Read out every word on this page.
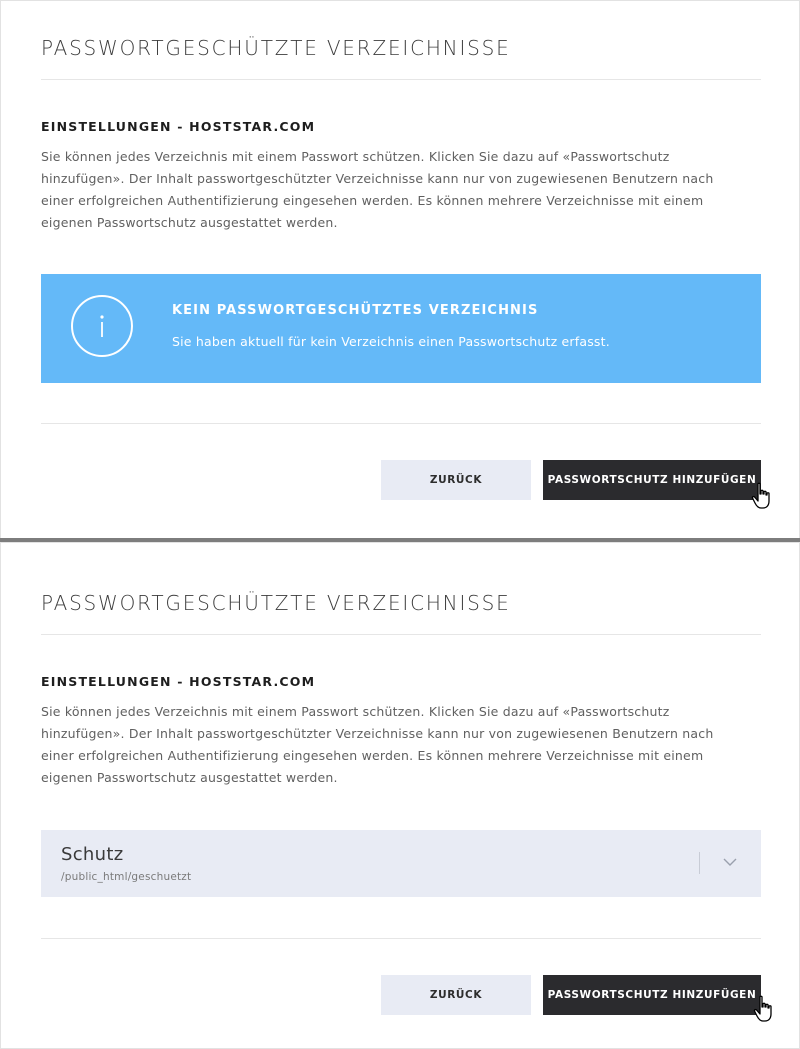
PASSWORTGESCHÜTZTE VERZEICHNISSE
EINSTELLUNGEN - HOSTSTAR.COM
Sie können jedes Verzeichnis mit einem Passwort schützen. Klicken Sie dazu auf «Passwortschutz
hinzufügen». Der Inhalt passwortgeschützter Verzeichnisse kann nur von zugewiesenen Benutzern nach
einer erfolgreichen Authentifizierung eingesehen werden. Es können mehrere Verzeichnisse mit einem
eigenen Passwortschutz ausgestattet werden.
KEIN PASSWORTGESCHÜTZTES VERZEICHNIS
Sie haben aktuell für kein Verzeichnis einen Passwortschutz erfasst.
ZURÜCK	PASSWORTSCHUTZ HINZUFÜGEN
PASSWORTGESCHÜTZTE VERZEICHNISSE
EINSTELLUNGEN - HOSTSTAR.COM
Sie können jedes Verzeichnis mit einem Passwort schützen. Klicken Sie dazu auf «Passwortschutz
hinzufügen». Der Inhalt passwortgeschützter Verzeichnisse kann nur von zugewiesenen Benutzern nach
einer erfolgreichen Authentifizierung eingesehen werden. Es können mehrere Verzeichnisse mit einem
eigenen Passwortschutz ausgestattet werden.
Schutz
/public_html/geschuetzt
ZURÜCK	PASSWORTSCHUTZ HINZUFÜGEN
